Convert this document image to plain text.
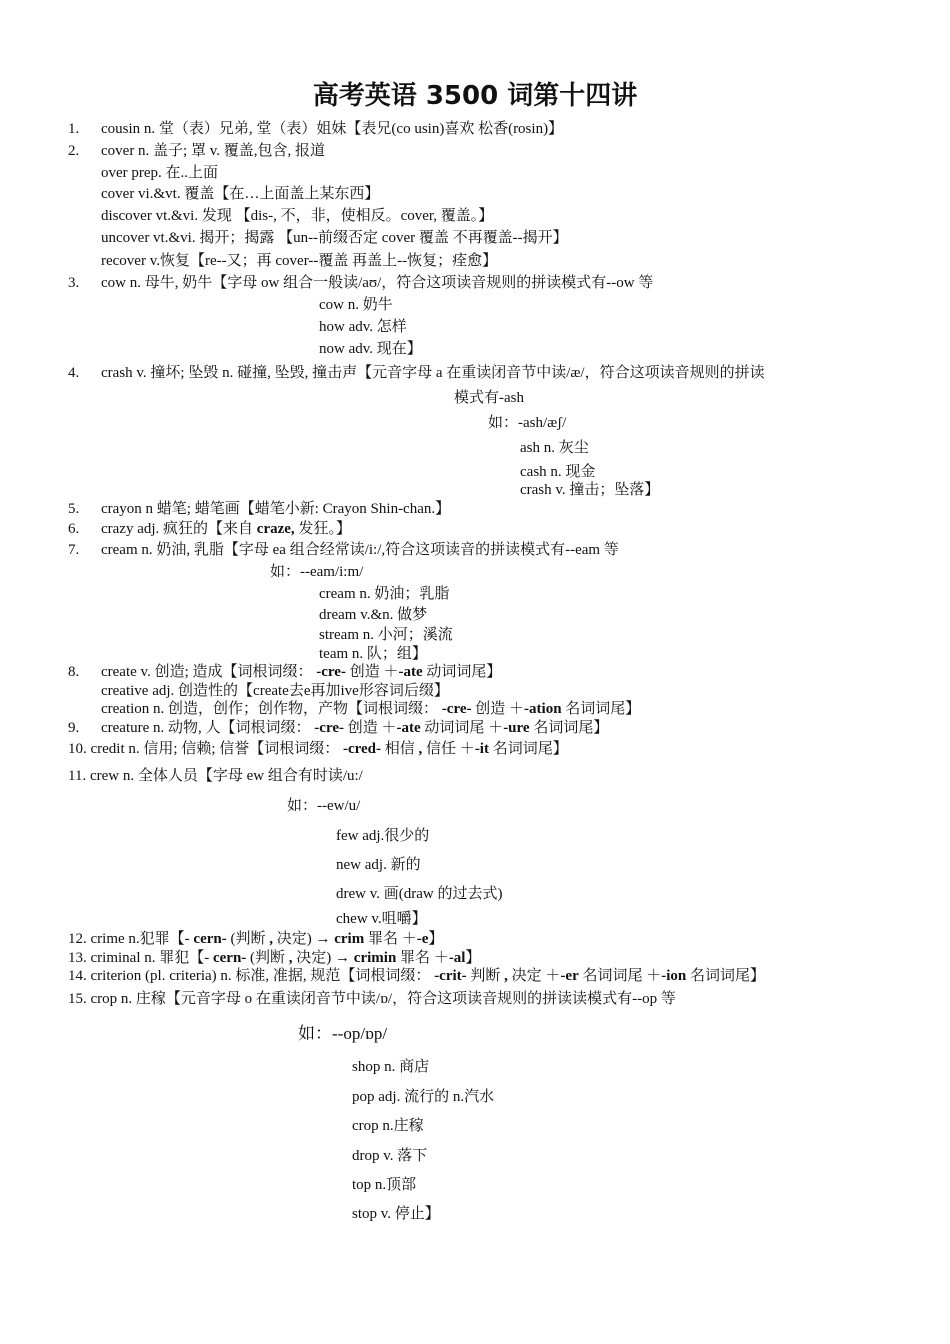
高考英语 3500 词第十四讲
1. cousin n. 堂（表）兄弟, 堂（表）姐妹【表兄(co usin)喜欢 松香(rosin)】
2. cover n. 盖子; 罩 v. 覆盖,包含, 报道
over prep. 在..上面
cover vi.&vt. 覆盖【在…上面盖上某东西】
discover vt.&vi. 发现 【dis-, 不，非，使相反。cover, 覆盖。】
uncover vt.&vi. 揭开；揭露 【un--前缀否定 cover 覆盖 不再覆盖--揭开】
recover v.恢复【re--又；再 cover--覆盖 再盖上--恢复；痊愈】
3. cow n. 母牛, 奶牛【字母 ow 组合一般读/aʊ/，符合这项读音规则的拼读模式有--ow 等
cow n. 奶牛
how adv. 怎样
now adv. 现在】
4. crash v. 撞坏; 坠毁 n. 碰撞, 坠毁, 撞击声【元音字母 a 在重读闭音节中读/æ/，符合这项读音规则的拼读
模式有-ash
如：-ash/æʃ/
ash n. 灰尘
cash n. 现金
crash v. 撞击；坠落】
5. crayon n 蜡笔; 蜡笔画【蜡笔小新: Crayon Shin-chan.】
6. crazy adj. 疯狂的【来自 craze, 发狂。】
7. cream n. 奶油, 乳脂【字母 ea 组合经常读/i:/,符合这项读音的拼读模式有--eam 等
如：--eam/i:m/
cream n. 奶油；乳脂
dream v.&n. 做梦
stream n. 小河；溪流
team n. 队；组】
8. create v. 创造; 造成【词根词缀： -cre- 创造 ＋-ate 动词词尾】
creative adj. 创造性的【create去e再加ive形容词后缀】
creation n. 创造，创作；创作物，产物【词根词缀： -cre- 创造 ＋-ation 名词词尾】
9. creature n. 动物, 人【词根词缀： -cre- 创造 ＋-ate 动词词尾 ＋-ure 名词词尾】
10. credit n. 信用; 信赖; 信誉【词根词缀： -cred- 相信 , 信任 ＋-it 名词词尾】
11. crew n. 全体人员【字母 ew 组合有时读/u:/
如：--ew/u/
few adj.很少的
new adj. 新的
drew v. 画(draw 的过去式)
chew v.咀嚼】
12. crime n.犯罪【- cern- (判断 , 决定) → crim 罪名 ＋-e】
13. criminal n. 罪犯【- cern- (判断 , 决定) → crimin 罪名 ＋-al】
14. criterion (pl. criteria) n. 标准, 准据, 规范【词根词缀： -crit- 判断 , 决定 ＋-er 名词词尾 ＋-ion 名词词尾】
15. crop n. 庄稼【元音字母 o 在重读闭音节中读/ɒ/，符合这项读音规则的拼读读模式有--op 等
如：--op/ɒp/
shop n. 商店
pop adj. 流行的 n.汽水
crop n.庄稼
drop v. 落下
top n.顶部
stop v. 停止】
